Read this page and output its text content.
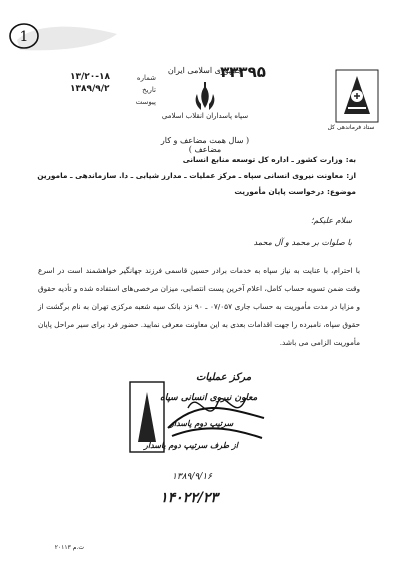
1
۳۳۳۹۵
جمهوری اسلامی ایران
سپاه پاسداران انقلاب اسلامی
ستاد فرماندهی کل
شماره
۱۳/۲۰-۱۸
تاریخ
۱۳۸۹/۹/۲
پیوست
( سال همت مضاعف و کار مضاعف )
به:وزارت کشور ـ اداره کل توسعه منابع انسانی
از:معاونت نیروی انسانی سپاه ـ مرکز عملیات ـ مدارز شیابی ـ دا. سازماندهی ـ مامورین
موضوع:درخواست پایان مأموریت
سلام علیکم؛
با صلوات بر محمد و آل محمد
با احترام، با عنایت به نیاز سپاه به خدمات برادر حسین قاسمی فرزند جهانگیر خواهشمند است در اسرع وقت ضمن تسویه حساب کامل، اعلام آخرین پست انتصابی، میزان مرخصی‌های استفاده شده و تأدیه حقوق و مزایا در مدت مأموریت به حساب جاری ۰۷/۰۵۷ ـ ۹۰ نزد بانک سپه شعبه مرکزی تهران به نام برگشت از حقوق سپاه، نامبرده را جهت اقدامات بعدی به این معاونت معرفی نمایید. حضور فرد برای سیر مراحل پایان مأموریت الزامی می باشد.
مرکز عملیات
معاون نیروی انسانی سپاه
سرتیپ دوم پاسدار
از طرف سرتیپ دوم پاسدار
۱۳۸۹/۹/۱۶
۱۴۰۲۲/۲۳
ت.م ۲۰۱۱۳
